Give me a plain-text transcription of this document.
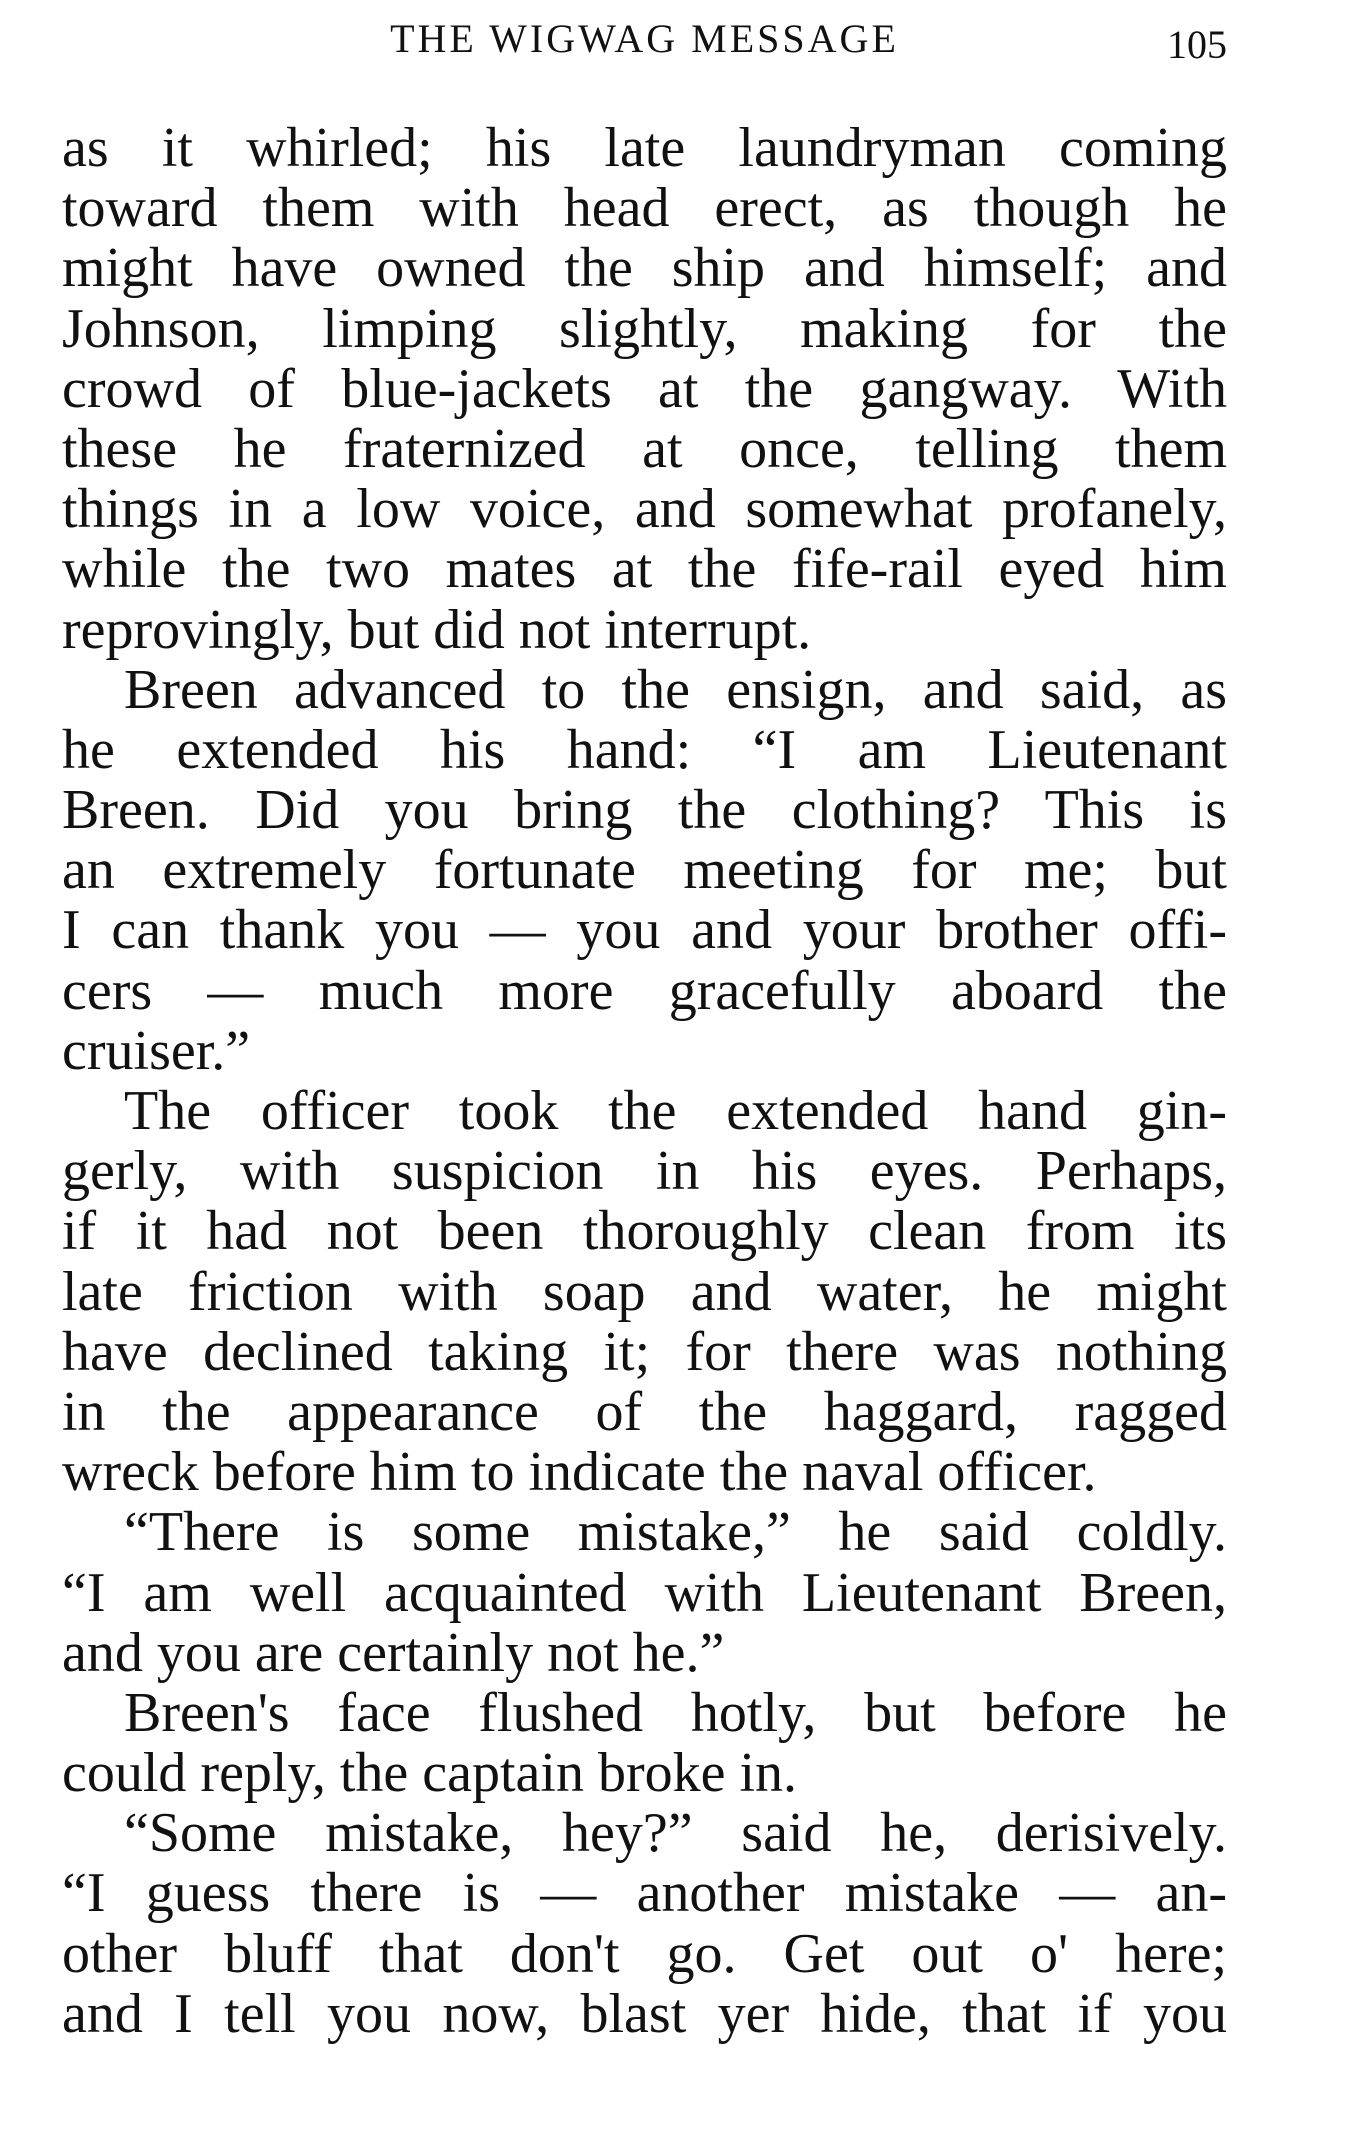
THE WIGWAG MESSAGE	105
as it whirled; his late laundryman coming
toward them with head erect, as though he
might have owned the ship and himself; and
Johnson, limping slightly, making for the
crowd of blue-jackets at the gangway. With
these he fraternized at once, telling them
things in a low voice, and somewhat profanely,
while the two mates at the fife-rail eyed him
reprovingly, but did not interrupt.
Breen advanced to the ensign, and said, as
he extended his hand: “I am Lieutenant
Breen. Did you bring the clothing? This is
an extremely fortunate meeting for me; but
I can thank you — you and your brother offi-
cers — much more gracefully aboard the
cruiser.”
The officer took the extended hand gin-
gerly, with suspicion in his eyes. Perhaps,
if it had not been thoroughly clean from its
late friction with soap and water, he might
have declined taking it; for there was nothing
in the appearance of the haggard, ragged
wreck before him to indicate the naval officer.
“There is some mistake,” he said coldly.
“I am well acquainted with Lieutenant Breen,
and you are certainly not he.”
Breen's face flushed hotly, but before he
could reply, the captain broke in.
“Some mistake, hey?” said he, derisively.
“I guess there is — another mistake — an-
other bluff that don't go. Get out o' here;
and I tell you now, blast yer hide, that if you
